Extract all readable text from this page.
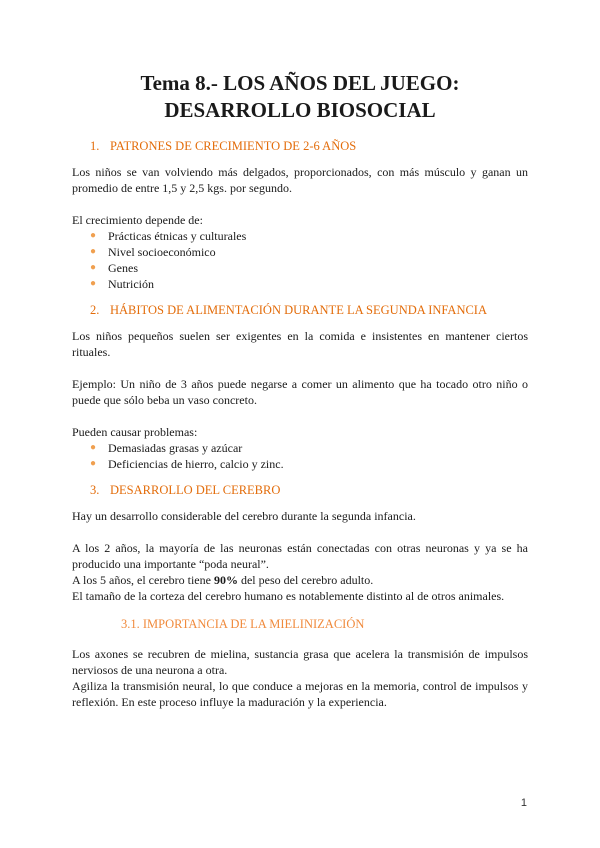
Tema 8.- LOS AÑOS DEL JUEGO: DESARROLLO BIOSOCIAL
1. PATRONES DE CRECIMIENTO DE 2-6 AÑOS

Los niños se van volviendo más delgados, proporcionados, con más músculo y ganan un promedio de entre 1,5 y 2,5 kgs. por segundo.

El crecimiento depende de:

● Prácticas étnicas y culturales
● Nivel socioeconómico
● Genes
● Nutrición
2. HÁBITOS DE ALIMENTACIÓN DURANTE LA SEGUNDA INFANCIA

Los niños pequeños suelen ser exigentes en la comida e insistentes en mantener ciertos rituales.

Ejemplo: Un niño de 3 años puede negarse a comer un alimento que ha tocado otro niño o puede que sólo beba un vaso concreto.

Pueden causar problemas:

● Demasiadas grasas y azúcar
● Deficiencias de hierro, calcio y zinc.
3. DESARROLLO DEL CEREBRO

Hay un desarrollo considerable del cerebro durante la segunda infancia.

A los 2 años, la mayoría de las neuronas están conectadas con otras neuronas y ya se ha producido una importante “poda neural”.

A los 5 años, el cerebro tiene 90% del peso del cerebro adulto.

El tamaño de la corteza del cerebro humano es notablemente distinto al de otros animales.

3.1. IMPORTANCIA DE LA MIELINIZACIÓN

Los axones se recubren de mielina, sustancia grasa que acelera la transmisión de impulsos nerviosos de una neurona a otra.

Agiliza la transmisión neural, lo que conduce a mejoras en la memoria, control de impulsos y reflexión. En este proceso influye la maduración y la experiencia.

1
